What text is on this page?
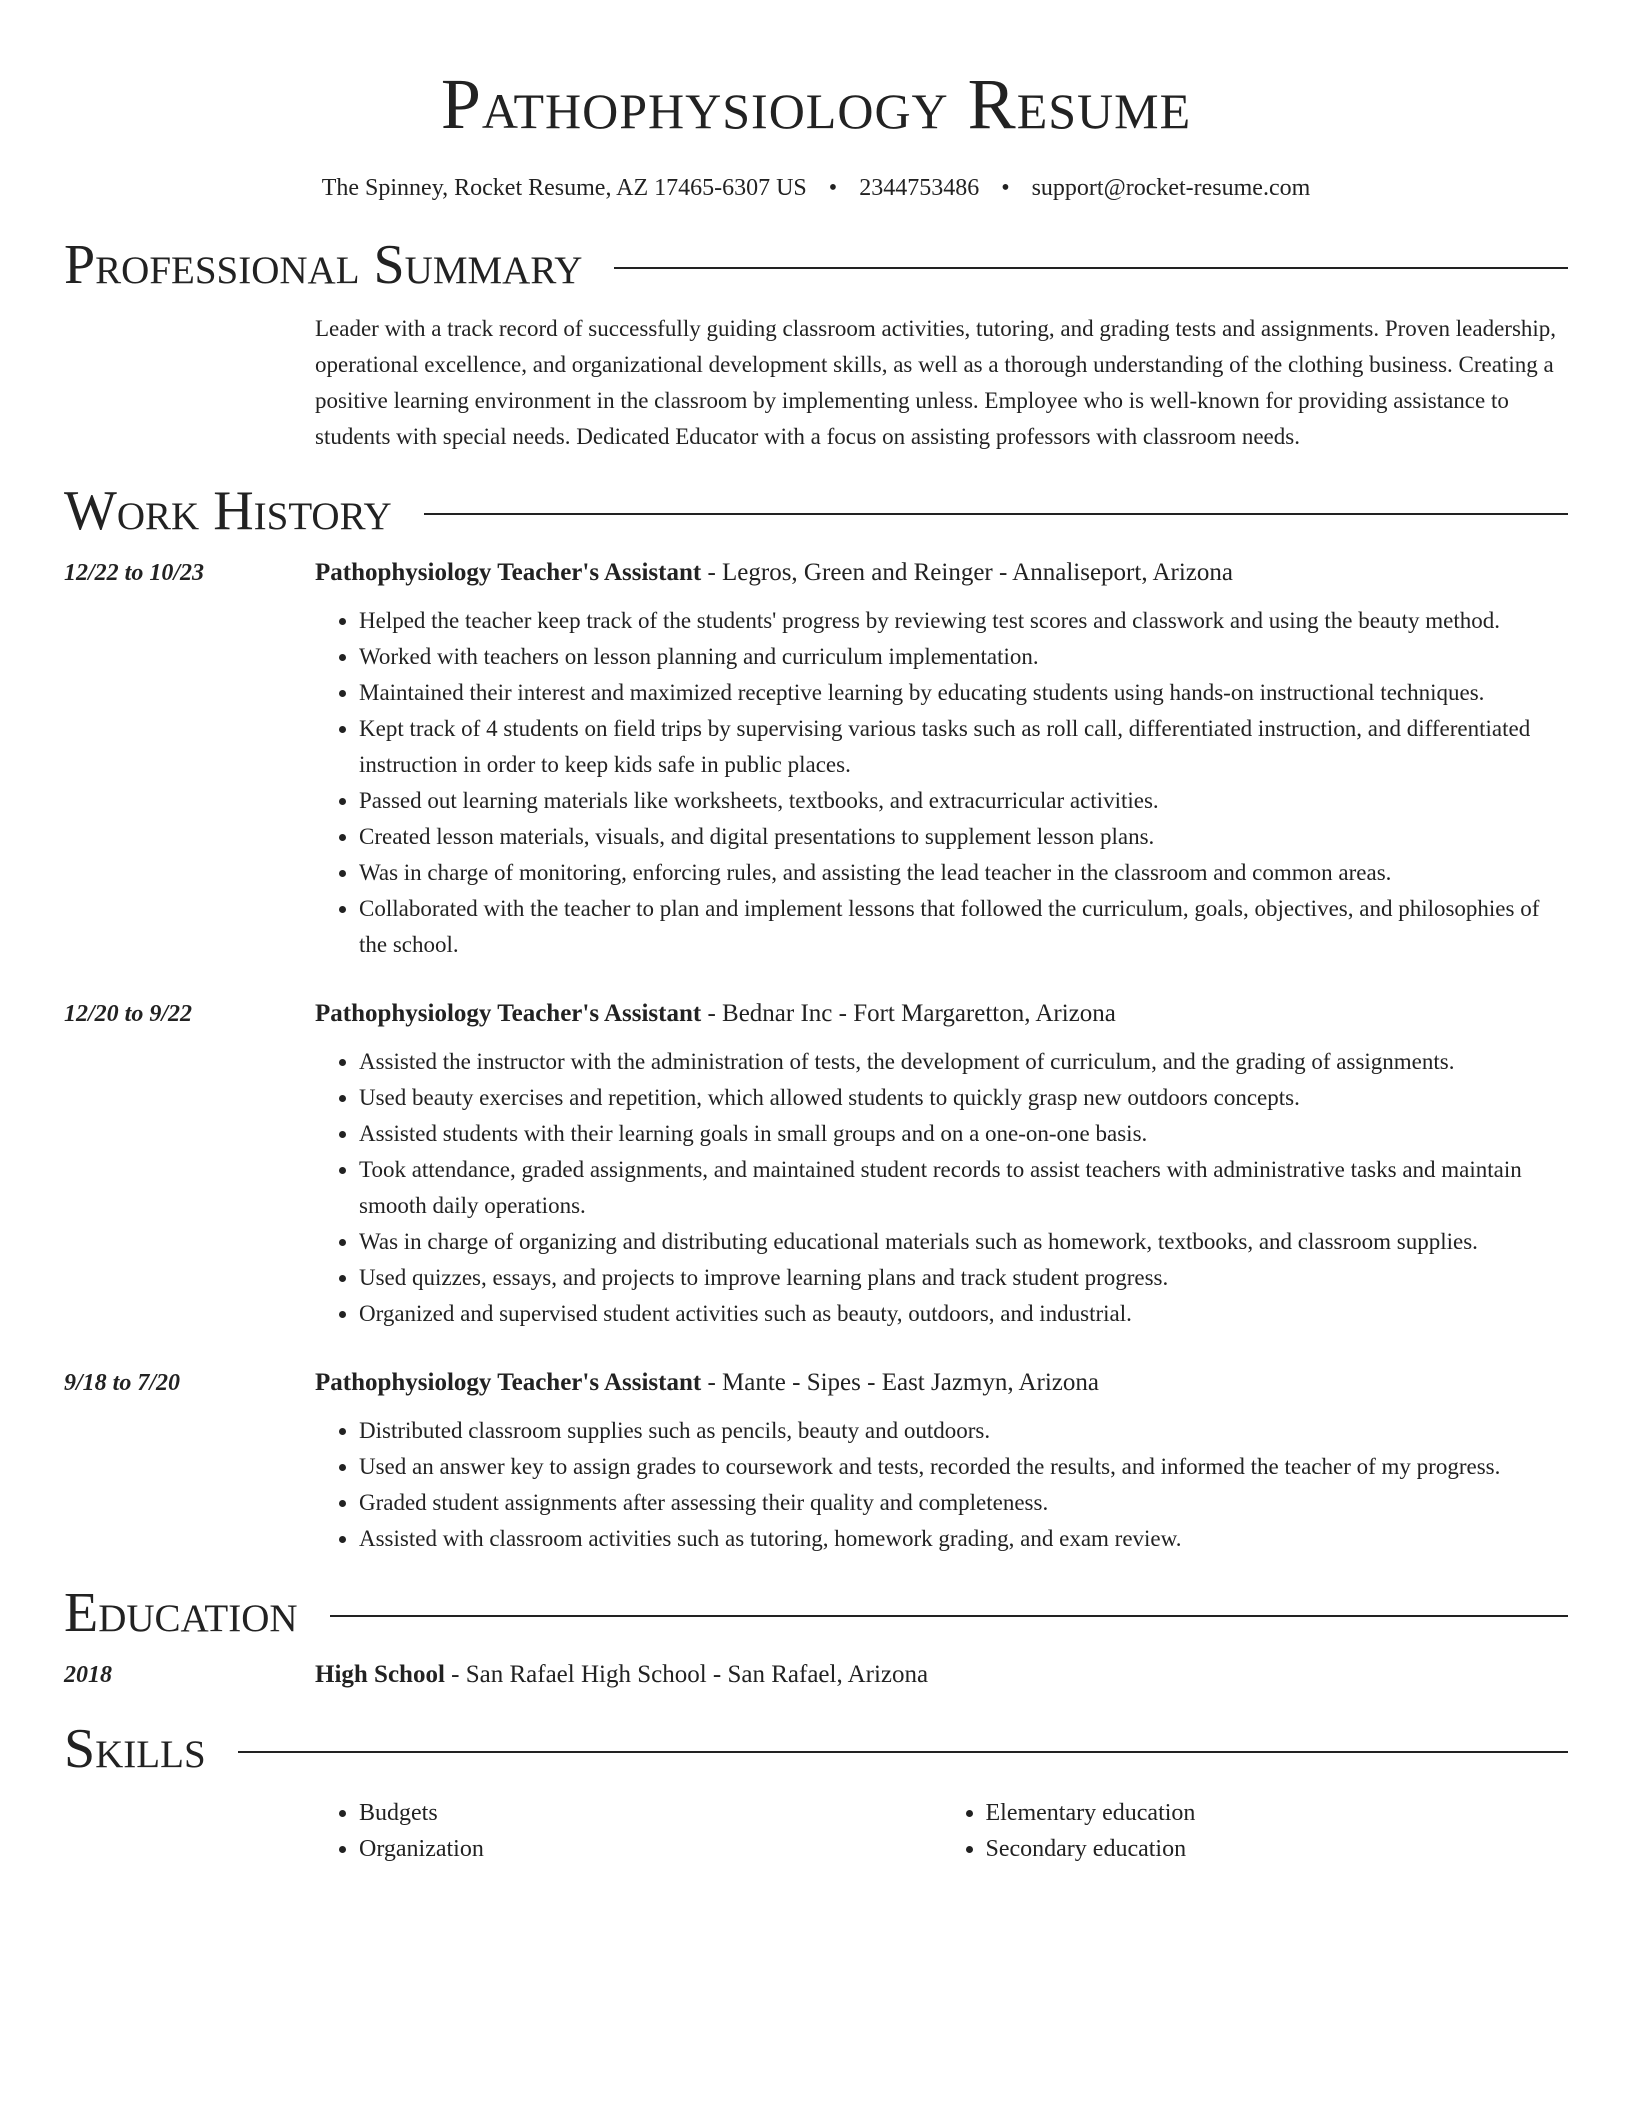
Pathophysiology Resume
The Spinney, Rocket Resume, AZ 17465-6307 US • 2344753486 • support@rocket-resume.com
Professional Summary
Leader with a track record of successfully guiding classroom activities, tutoring, and grading tests and assignments. Proven leadership, operational excellence, and organizational development skills, as well as a thorough understanding of the clothing business. Creating a positive learning environment in the classroom by implementing unless. Employee who is well-known for providing assistance to students with special needs. Dedicated Educator with a focus on assisting professors with classroom needs.
Work History
12/22 to 10/23	Pathophysiology Teacher's Assistant - Legros, Green and Reinger - Annaliseport, Arizona
• Helped the teacher keep track of the students' progress by reviewing test scores and classwork and using the beauty method.
• Worked with teachers on lesson planning and curriculum implementation.
• Maintained their interest and maximized receptive learning by educating students using hands-on instructional techniques.
• Kept track of 4 students on field trips by supervising various tasks such as roll call, differentiated instruction, and differentiated instruction in order to keep kids safe in public places.
• Passed out learning materials like worksheets, textbooks, and extracurricular activities.
• Created lesson materials, visuals, and digital presentations to supplement lesson plans.
• Was in charge of monitoring, enforcing rules, and assisting the lead teacher in the classroom and common areas.
• Collaborated with the teacher to plan and implement lessons that followed the curriculum, goals, objectives, and philosophies of the school.
12/20 to 9/22	Pathophysiology Teacher's Assistant - Bednar Inc - Fort Margaretton, Arizona
• Assisted the instructor with the administration of tests, the development of curriculum, and the grading of assignments.
• Used beauty exercises and repetition, which allowed students to quickly grasp new outdoors concepts.
• Assisted students with their learning goals in small groups and on a one-on-one basis.
• Took attendance, graded assignments, and maintained student records to assist teachers with administrative tasks and maintain smooth daily operations.
• Was in charge of organizing and distributing educational materials such as homework, textbooks, and classroom supplies.
• Used quizzes, essays, and projects to improve learning plans and track student progress.
• Organized and supervised student activities such as beauty, outdoors, and industrial.
9/18 to 7/20	Pathophysiology Teacher's Assistant - Mante - Sipes - East Jazmyn, Arizona
• Distributed classroom supplies such as pencils, beauty and outdoors.
• Used an answer key to assign grades to coursework and tests, recorded the results, and informed the teacher of my progress.
• Graded student assignments after assessing their quality and completeness.
• Assisted with classroom activities such as tutoring, homework grading, and exam review.
Education
2018	High School - San Rafael High School - San Rafael, Arizona
Skills
• Budgets
• Organization
• Elementary education
• Secondary education
